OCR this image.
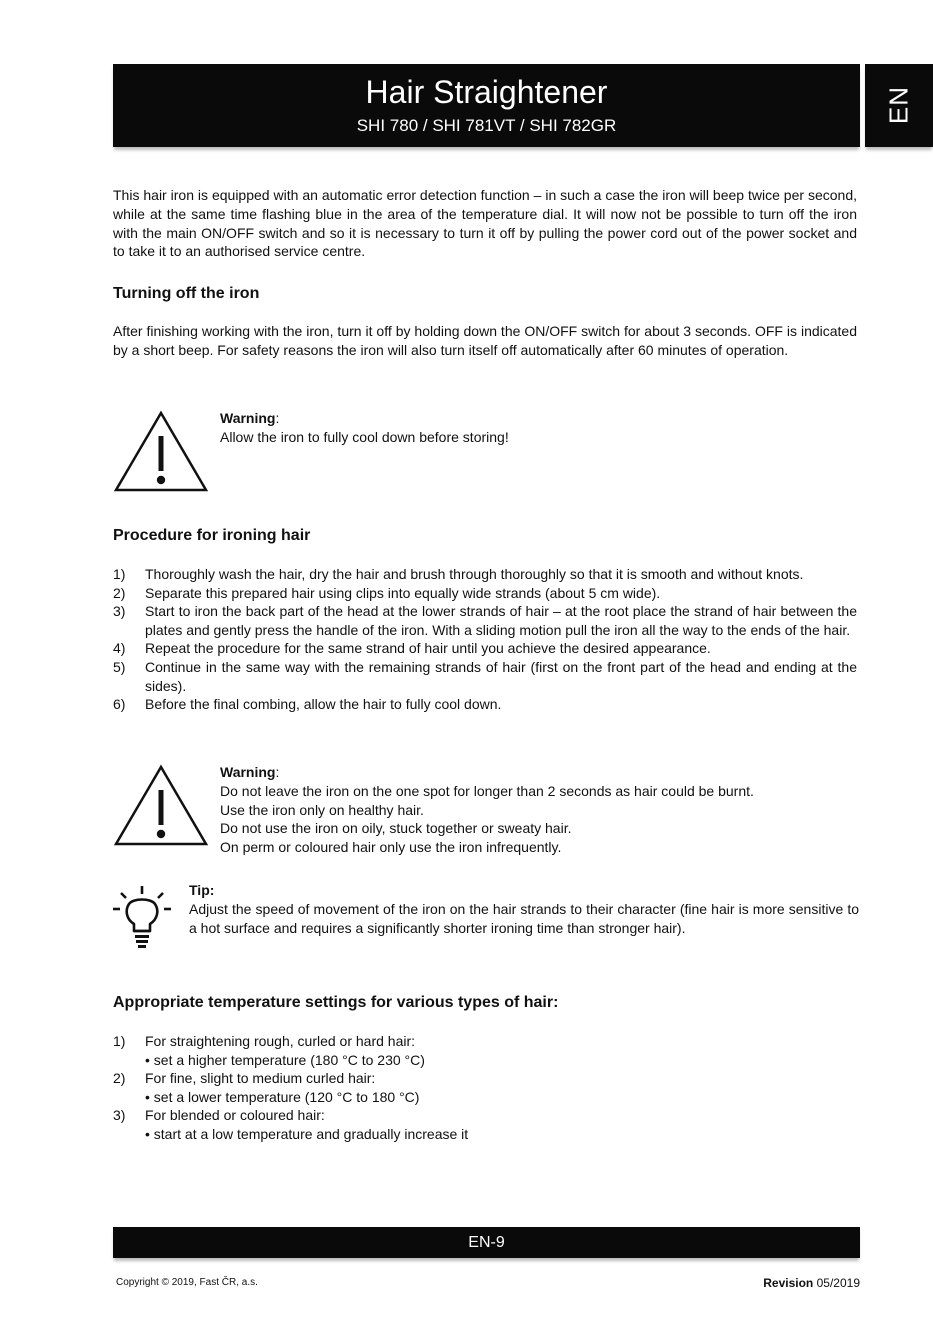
Hair Straightener
SHI 780 / SHI 781VT / SHI 782GR
EN

This hair iron is equipped with an automatic error detection function – in such a case the iron will beep twice per second, while at the same time flashing blue in the area of the temperature dial. It will now not be possible to turn off the iron with the main ON/OFF switch and so it is necessary to turn it off by pulling the power cord out of the power socket and to take it to an authorised service centre.

Turning off the iron

After finishing working with the iron, turn it off by holding down the ON/OFF switch for about 3 seconds. OFF is indicated by a short beep. For safety reasons the iron will also turn itself off automatically after 60 minutes of operation.

Warning:
Allow the iron to fully cool down before storing!
Procedure for ironing hair
1)	Thoroughly wash the hair, dry the hair and brush through thoroughly so that it is smooth and without knots.
2)	Separate this prepared hair using clips into equally wide strands (about 5 cm wide).
3)	Start to iron the back part of the head at the lower strands of hair – at the root place the strand of hair between the plates and gently press the handle of the iron. With a sliding motion pull the iron all the way to the ends of the hair.
4)	Repeat the procedure for the same strand of hair until you achieve the desired appearance.
5)	Continue in the same way with the remaining strands of hair (first on the front part of the head and ending at the sides).
6)	Before the final combing, allow the hair to fully cool down.
Warning:
Do not leave the iron on the one spot for longer than 2 seconds as hair could be burnt.
Use the iron only on healthy hair.
Do not use the iron on oily, stuck together or sweaty hair.
On perm or coloured hair only use the iron infrequently.
Tip:
Adjust the speed of movement of the iron on the hair strands to their character (fine hair is more sensitive to a hot surface and requires a significantly shorter ironing time than stronger hair).
Appropriate temperature settings for various types of hair:
1)	For straightening rough, curled or hard hair:
• set a higher temperature (180 °C to 230 °C)
2)	For fine, slight to medium curled hair:
• set a lower temperature (120 °C to 180 °C)
3)	For blended or coloured hair:
• start at a low temperature and gradually increase it
EN-9
Copyright © 2019, Fast ČR, a.s.	Revision 05/2019
